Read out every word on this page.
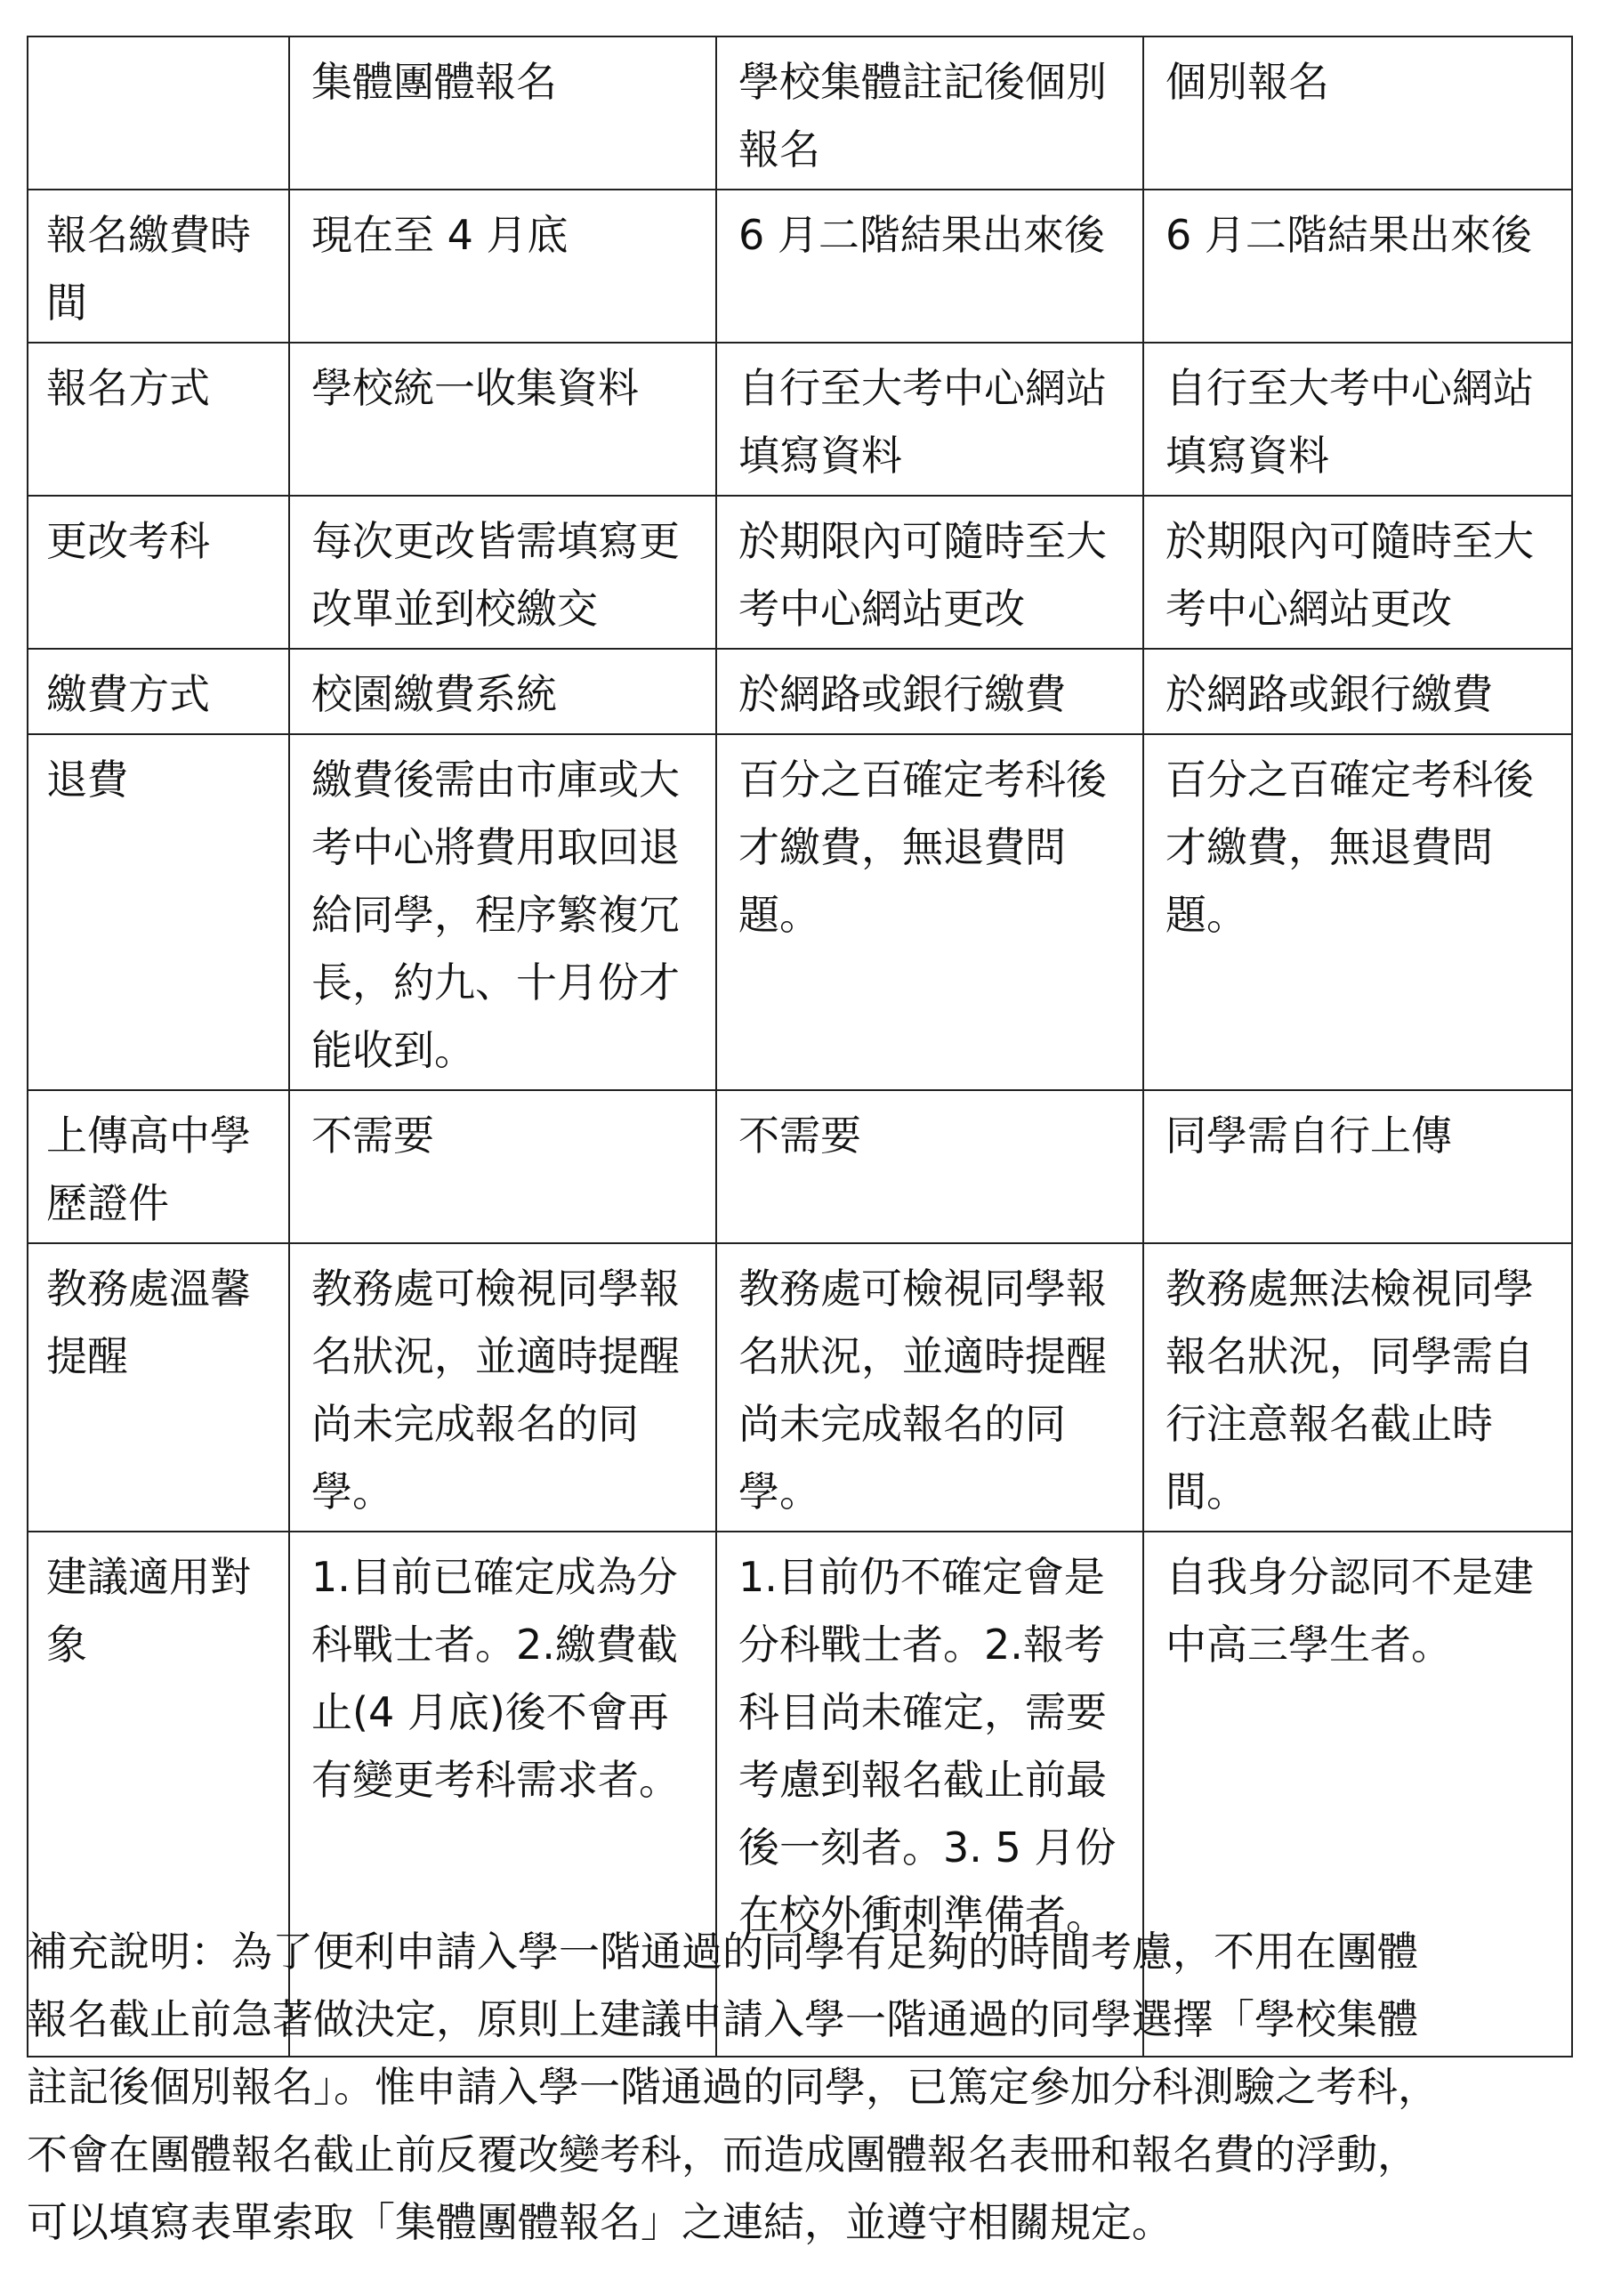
	集體團體報名	學校集體註記後個別報名	個別報名
報名繳費時間	現在至 4 月底	6 月二階結果出來後	6 月二階結果出來後
報名方式	學校統一收集資料	自行至大考中心網站填寫資料	自行至大考中心網站填寫資料
更改考科	每次更改皆需填寫更改單並到校繳交	於期限內可隨時至大考中心網站更改	於期限內可隨時至大考中心網站更改
繳費方式	校園繳費系統	於網路或銀行繳費	於網路或銀行繳費
退費	繳費後需由市庫或大考中心將費用取回退給同學，程序繁複冗長，約九、十月份才能收到。	百分之百確定考科後才繳費，無退費問題。	百分之百確定考科後才繳費，無退費問題。
上傳高中學歷證件	不需要	不需要	同學需自行上傳
教務處溫馨提醒	教務處可檢視同學報名狀況，並適時提醒尚未完成報名的同學。	教務處可檢視同學報名狀況，並適時提醒尚未完成報名的同學。	教務處無法檢視同學報名狀況，同學需自行注意報名截止時間。
建議適用對象	1.目前已確定成為分科戰士者。2.繳費截止(4 月底)後不會再有變更考科需求者。	1.目前仍不確定會是分科戰士者。2.報考科目尚未確定，需要考慮到報名截止前最後一刻者。3. 5 月份在校外衝刺準備者。	自我身分認同不是建中高三學生者。
補充說明：為了便利申請入學一階通過的同學有足夠的時間考慮，不用在團體
報名截止前急著做決定，原則上建議申請入學一階通過的同學選擇「學校集體
註記後個別報名」。惟申請入學一階通過的同學，已篤定參加分科測驗之考科，
不會在團體報名截止前反覆改變考科，而造成團體報名表冊和報名費的浮動，
可以填寫表單索取「集體團體報名」之連結，並遵守相關規定。
